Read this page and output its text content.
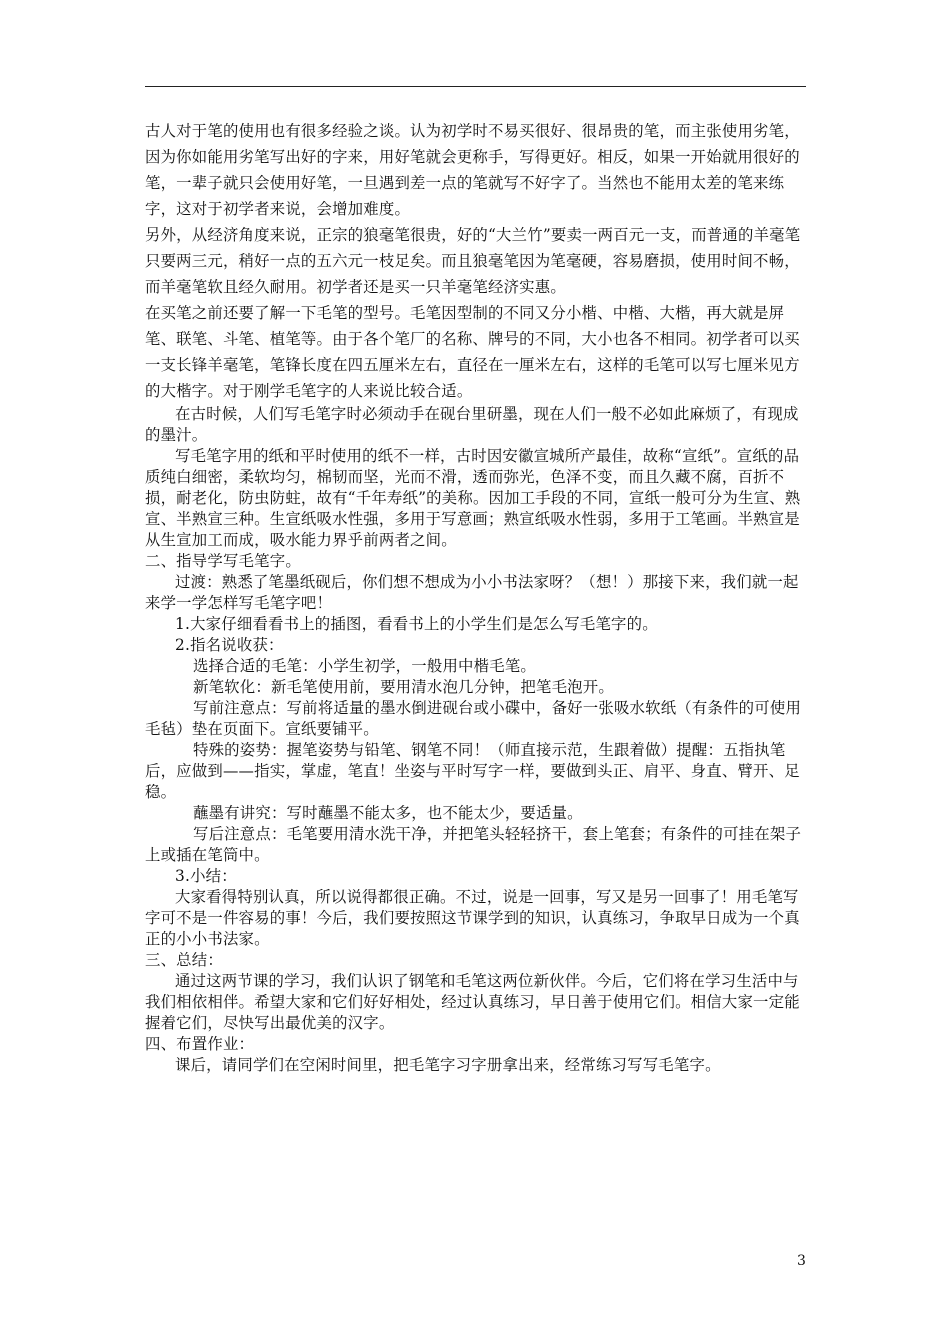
古人对于笔的使用也有很多经验之谈。认为初学时不易买很好、很昂贵的笔，而主张使用劣笔，因为你如能用劣笔写出好的字来，用好笔就会更称手，写得更好。相反，如果一开始就用很好的笔，一辈子就只会使用好笔，一旦遇到差一点的笔就写不好字了。当然也不能用太差的笔来练字，这对于初学者来说，会增加难度。

另外，从经济角度来说，正宗的狼毫笔很贵，好的“大兰竹”要卖一两百元一支，而普通的羊毫笔只要两三元，稍好一点的五六元一枝足矣。而且狼毫笔因为笔毫硬，容易磨损，使用时间不畅，而羊毫笔软且经久耐用。初学者还是买一只羊毫笔经济实惠。

在买笔之前还要了解一下毛笔的型号。毛笔因型制的不同又分小楷、中楷、大楷，再大就是屏笔、联笔、斗笔、植笔等。由于各个笔厂的名称、牌号的不同，大小也各不相同。初学者可以买一支长锋羊毫笔，笔锋长度在四五厘米左右，直径在一厘米左右，这样的毛笔可以写七厘米见方的大楷字。对于刚学毛笔字的人来说比较合适。

在古时候，人们写毛笔字时必须动手在砚台里研墨，现在人们一般不必如此麻烦了，有现成的墨汁。

写毛笔字用的纸和平时使用的纸不一样，古时因安徽宣城所产最佳，故称“宣纸”。宣纸的品质纯白细密，柔软均匀，棉韧而坚，光而不滑，透而弥光，色泽不变，而且久藏不腐，百折不损，耐老化，防虫防蛀，故有“千年寿纸”的美称。因加工手段的不同，宣纸一般可分为生宣、熟宣、半熟宣三种。生宣纸吸水性强，多用于写意画；熟宣纸吸水性弱，多用于工笔画。半熟宣是从生宣加工而成，吸水能力界乎前两者之间。

二、指导学写毛笔字。

过渡：熟悉了笔墨纸砚后，你们想不想成为小小书法家呀？（想！）那接下来，我们就一起来学一学怎样写毛笔字吧！

1.大家仔细看看书上的插图，看看书上的小学生们是怎么写毛笔字的。

2.指名说收获：

选择合适的毛笔：小学生初学，一般用中楷毛笔。

新笔软化：新毛笔使用前，要用清水泡几分钟，把笔毛泡开。

写前注意点：写前将适量的墨水倒进砚台或小碟中，备好一张吸水软纸（有条件的可使用毛毡）垫在页面下。宣纸要铺平。

特殊的姿势：握笔姿势与铅笔、钢笔不同！（师直接示范，生跟着做）提醒：五指执笔后，应做到——指实，掌虚，笔直！坐姿与平时写字一样，要做到头正、肩平、身直、臂开、足稳。

蘸墨有讲究：写时蘸墨不能太多，也不能太少，要适量。

写后注意点：毛笔要用清水洗干净，并把笔头轻轻挤干，套上笔套；有条件的可挂在架子上或插在笔筒中。

3.小结：

大家看得特别认真，所以说得都很正确。不过，说是一回事，写又是另一回事了！用毛笔写字可不是一件容易的事！今后，我们要按照这节课学到的知识，认真练习，争取早日成为一个真正的小小书法家。

三、总结：

通过这两节课的学习，我们认识了钢笔和毛笔这两位新伙伴。今后，它们将在学习生活中与我们相依相伴。希望大家和它们好好相处，经过认真练习，早日善于使用它们。相信大家一定能握着它们，尽快写出最优美的汉字。

四、布置作业：

课后，请同学们在空闲时间里，把毛笔字习字册拿出来，经常练习写写毛笔字。

3
